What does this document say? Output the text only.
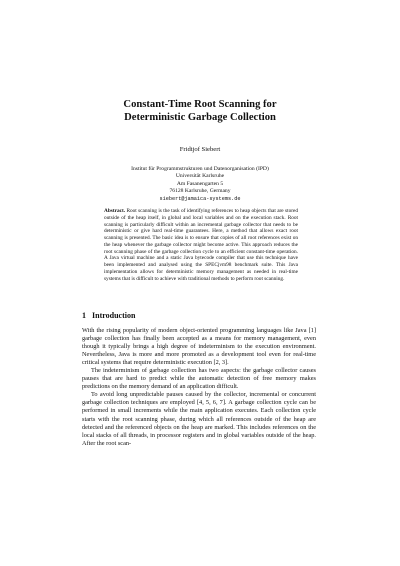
Constant-Time Root Scanning for
Deterministic Garbage Collection
Fridtjof Siebert
Institut für Programmstrukturen und Datenorganisation (IPD)
Universität Karlsruhe
Am Fasanengarten 5
76128 Karlsruhe, Germany
siebert@jamaica-systems.de
Abstract. Root scanning is the task of identifying references to heap objects that are stored outside of the heap itself, in global and local variables and on the execution stack. Root scanning is particularly difficult within an incremental garbage collector that needs to be deterministic or give hard real-time guarantees. Here, a method that allows exact root scanning is presented. The basic idea is to ensure that copies of all root references exist on the heap whenever the garbage collector might become active. This approach reduces the root scanning phase of the garbage collection cycle to an efficient constant-time operation. A Java virtual machine and a static Java bytecode compiler that use this technique have been implemented and analysed using the SPECjvm98 benchmark suite. This Java implementation allows for deterministic memory management as needed in real-time systems that is difficult to achieve with traditional methods to perform root scanning.
1 Introduction

With the rising popularity of modern object-oriented programming languages like Java [1] garbage collection has finally been accepted as a means for memory management, even though it typically brings a high degree of indeterminism to the execution environment. Nevertheless, Java is more and more promoted as a development tool even for real-time critical systems that require deterministic execution [2, 3].

The indeterminism of garbage collection has two aspects: the garbage collector causes pauses that are hard to predict while the automatic detection of free memory makes predictions on the memory demand of an application difficult.

To avoid long unpredictable pauses caused by the collector, incremental or concurrent garbage collection techniques are employed [4, 5, 6, 7]. A garbage collection cycle can be performed in small increments while the main application executes. Each collection cycle starts with the root scanning phase, during which all references outside of the heap are detected and the referenced objects on the heap are marked. This includes references on the local stacks of all threads, in processor registers and in global variables outside of the heap. After the root scan-
